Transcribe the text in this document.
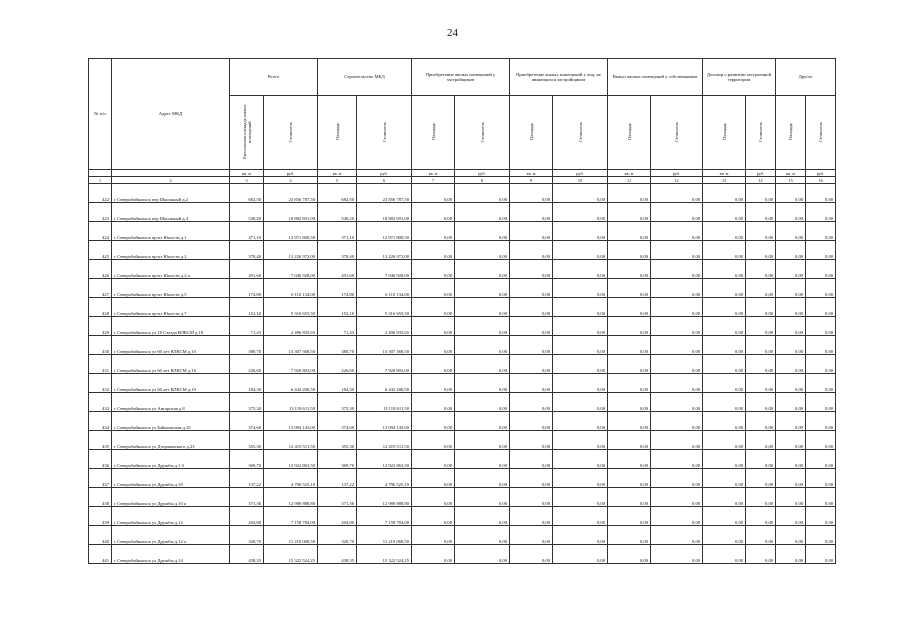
24
№ п/п	Адрес МКД	Всего		Строительство МКД		Приобретение жилых помещений у застройщиков		Приобретение жилых помещений у лиц, не являющихся застройщиком		Выкуп жилых помещений у собственников		Договор о развитии застроенной территории		Другое	
		Расселяемая площадь жилых помещений	Стоимость	Площадь	Стоимость	Площадь	Стоимость	Площадь	Стоимость	Площадь	Стоимость	Площадь	Стоимость	Площадь	Стоимость
		кв. м	руб.	кв. м	руб.	кв. м	руб.	кв. м	руб.	кв. м	руб.	кв. м	руб.	кв. м	руб.
1	2	3	4	5	6	7	8	9	10	11	12	13	14	15	16
422	г Северобайкальск пер Школьный д.2	682,50	23 856 787,50	682,50	23 856 787,50	0,00	0,00	0,00	0,00	0,00	0,00	0,00	0,00	0,00	0,00
423	г Северобайкальск пер Школьный д.4	540,20	18 882 691,00	540,20	18 882 691,00	0,00	0,00	0,00	0,00	0,00	0,00	0,00	0,00	0,00	0,00
424	г Северобайкальск пр-кт Юности д.1	371,10	12 971 800,50	371,10	12 971 800,50	0,00	0,00	0,00	0,00	0,00	0,00	0,00	0,00	0,00	0,00
425	г Северобайкальск пр-кт Юности д.2	378,40	13 226 972,00	378,40	13 226 972,00	0,00	0,00	0,00	0,00	0,00	0,00	0,00	0,00	0,00	0,00
426	г Северобайкальск пр-кт Юности д.2 а	201,60	7 046 928,00	201,60	7 046 928,00	0,00	0,00	0,00	0,00	0,00	0,00	0,00	0,00	0,00	0,00
427	г Северобайкальск пр-кт Юности д.5	174,80	6 110 134,00	174,80	6 110 134,00	0,00	0,00	0,00	0,00	0,00	0,00	0,00	0,00	0,00	0,00
428	г Северобайкальск пр-кт Юности д.7	152,10	5 316 655,50	152,10	5 316 655,50	0,00	0,00	0,00	0,00	0,00	0,00	0,00	0,00	0,00	0,00
429	г Северобайкальск ул 18 Съезда ВЛКСМ д.18	71,43	2 496 835,65	71,43	2 496 835,65	0,00	0,00	0,00	0,00	0,00	0,00	0,00	0,00	0,00	0,00
430	г Северобайкальск ул 60 лет ВЛКСМ д.10	380,70	13 307 368,50	380,70	13 307 368,50	0,00	0,00	0,00	0,00	0,00	0,00	0,00	0,00	0,00	0,00
431	г Северобайкальск ул 60 лет ВЛКСМ д.16	226,60	7 920 803,00	226,60	7 920 803,00	0,00	0,00	0,00	0,00	0,00	0,00	0,00	0,00	0,00	0,00
432	г Северобайкальск ул 60 лет ВЛКСМ д.19	184,30	6 442 206,50	184,30	6 442 206,50	0,00	0,00	0,00	0,00	0,00	0,00	0,00	0,00	0,00	0,00
433	г Северобайкальск ул Ангарская д.8	375,30	13 118 611,50	375,30	13 118 611,50	0,00	0,00	0,00	0,00	0,00	0,00	0,00	0,00	0,00	0,00
434	г Северобайкальск ул Байкальская д.35	374,60	13 094 143,00	374,60	13 094 143,00	0,00	0,00	0,00	0,00	0,00	0,00	0,00	0,00	0,00	0,00
435	г Северобайкальск ул Дзержинского д.23	355,30	12 419 511,50	355,30	12 419 511,50	0,00	0,00	0,00	0,00	0,00	0,00	0,00	0,00	0,00	0,00
436	г Северобайкальск ул Дружбы д.1 б	369,70	12 922 863,50	369,70	12 922 863,50	0,00	0,00	0,00	0,00	0,00	0,00	0,00	0,00	0,00	0,00
437	г Северобайкальск ул Дружбы д.10	137,22	4 796 525,10	137,22	4 796 525,10	0,00	0,00	0,00	0,00	0,00	0,00	0,00	0,00	0,00	0,00
438	г Северобайкальск ул Дружбы д.10 а	371,36	12 980 888,80	371,36	12 980 888,80	0,00	0,00	0,00	0,00	0,00	0,00	0,00	0,00	0,00	0,00
439	г Северобайкальск ул Дружбы д.12	204,80	7 158 784,00	204,80	7 158 784,00	0,00	0,00	0,00	0,00	0,00	0,00	0,00	0,00	0,00	0,00
440	г Северобайкальск ул Дружбы д.12 а	320,70	11 210 068,50	320,70	11 210 068,50	0,00	0,00	0,00	0,00	0,00	0,00	0,00	0,00	0,00	0,00
441	г Северобайкальск ул Дружбы д.14	438,35	15 322 524,25	438,35	15 322 524,25	0,00	0,00	0,00	0,00	0,00	0,00	0,00	0,00	0,00	0,00
